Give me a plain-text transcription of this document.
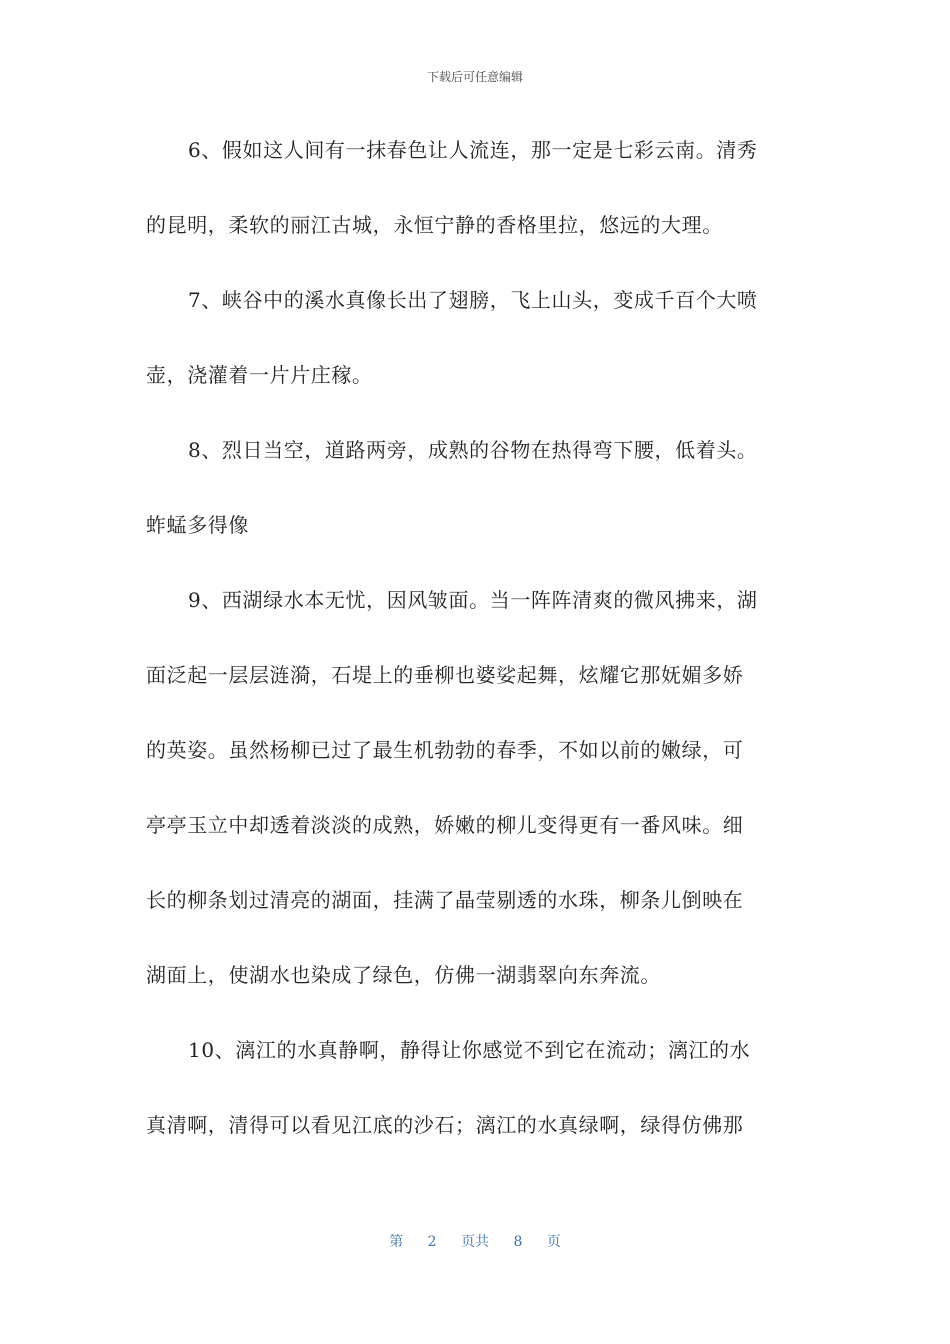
下载后可任意编辑
6、假如这人间有一抹春色让人流连，那一定是七彩云南。清秀
的昆明，柔软的丽江古城，永恒宁静的香格里拉，悠远的大理。
7、峡谷中的溪水真像长出了翅膀，飞上山头，变成千百个大喷
壶，浇灌着一片片庄稼。
8、烈日当空，道路两旁，成熟的谷物在热得弯下腰，低着头。
蚱蜢多得像
9、西湖绿水本无忧，因风皱面。当一阵阵清爽的微风拂来，湖
面泛起一层层涟漪，石堤上的垂柳也婆娑起舞，炫耀它那妩媚多娇
的英姿。虽然杨柳已过了最生机勃勃的春季，不如以前的嫩绿，可
亭亭玉立中却透着淡淡的成熟，娇嫩的柳儿变得更有一番风味。细
长的柳条划过清亮的湖面，挂满了晶莹剔透的水珠，柳条儿倒映在
湖面上，使湖水也染成了绿色，仿佛一湖翡翠向东奔流。
10、漓江的水真静啊，静得让你感觉不到它在流动；漓江的水
真清啊，清得可以看见江底的沙石；漓江的水真绿啊，绿得仿佛那
第 2 页共 8 页
